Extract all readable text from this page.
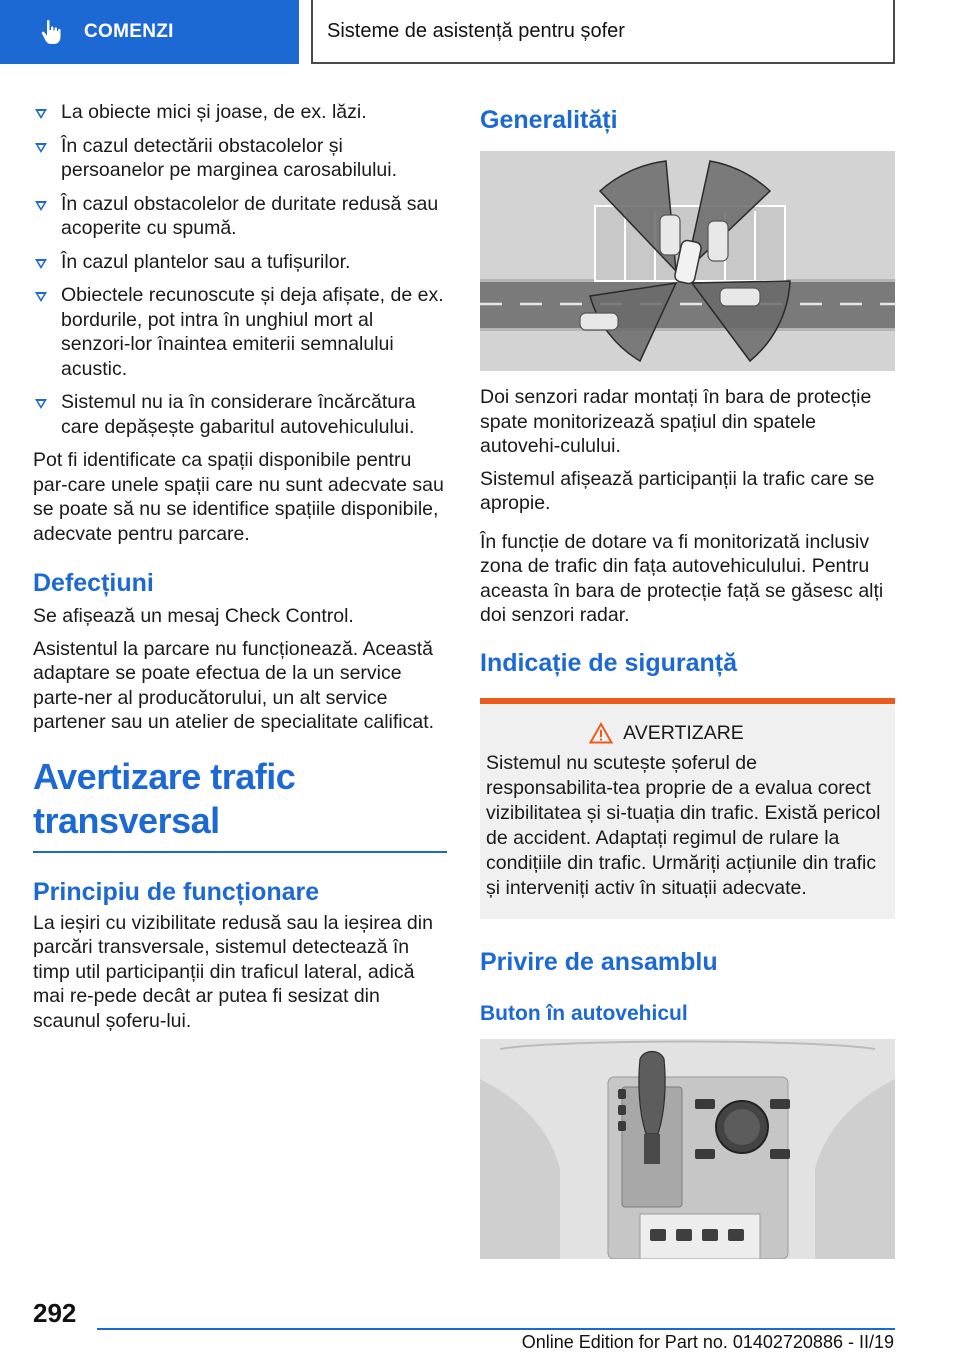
COMENZI	Sisteme de asistență pentru șofer
La obiecte mici și joase, de ex. lăzi.
În cazul detectării obstacolelor și persoanelor pe marginea carosabilului.
În cazul obstacolelor de duritate redusă sau acoperite cu spumă.
În cazul plantelor sau a tufișurilor.
Obiectele recunoscute și deja afișate, de ex. bordurile, pot intra în unghiul mort al senzori-lor înaintea emiterii semnalului acustic.
Sistemul nu ia în considerare încărcătura care depășește gabaritul autovehiculului.

Pot fi identificate ca spații disponibile pentru par-care unele spații care nu sunt adecvate sau se poate să nu se identifice spațiile disponibile, adecvate pentru parcare.

Defecțiuni

Se afișează un mesaj Check Control.

Asistentul la parcare nu funcționează. Această adaptare se poate efectua de la un service parte-ner al producătorului, un alt service partener sau un atelier de specialitate calificat.

Avertizare trafic transversal
Principiu de funcționare

La ieșiri cu vizibilitate redusă sau la ieșirea din parcări transversale, sistemul detectează în timp util participanții din traficul lateral, adică mai re-pede decât ar putea fi sesizat din scaunul șoferu-lui.

Generalități

Doi senzori radar montați în bara de protecție spate monitorizează spațiul din spatele autovehi-culului.

Sistemul afișează participanții la trafic care se apropie.

În funcție de dotare va fi monitorizată inclusiv zona de trafic din fața autovehiculului. Pentru aceasta în bara de protecție față se găsesc alți doi senzori radar.

Indicație de siguranță
AVERTIZARE

Sistemul nu scutește șoferul de responsabilita-tea proprie de a evalua corect vizibilitatea și si-tuația din trafic. Există pericol de accident. Adaptați regimul de rulare la condițiile din trafic. Urmăriți acțiunile din trafic și interveniți activ în situații adecvate.

Privire de ansamblu
Buton în autovehicul
292
Online Edition for Part no. 01402720886 - II/19
